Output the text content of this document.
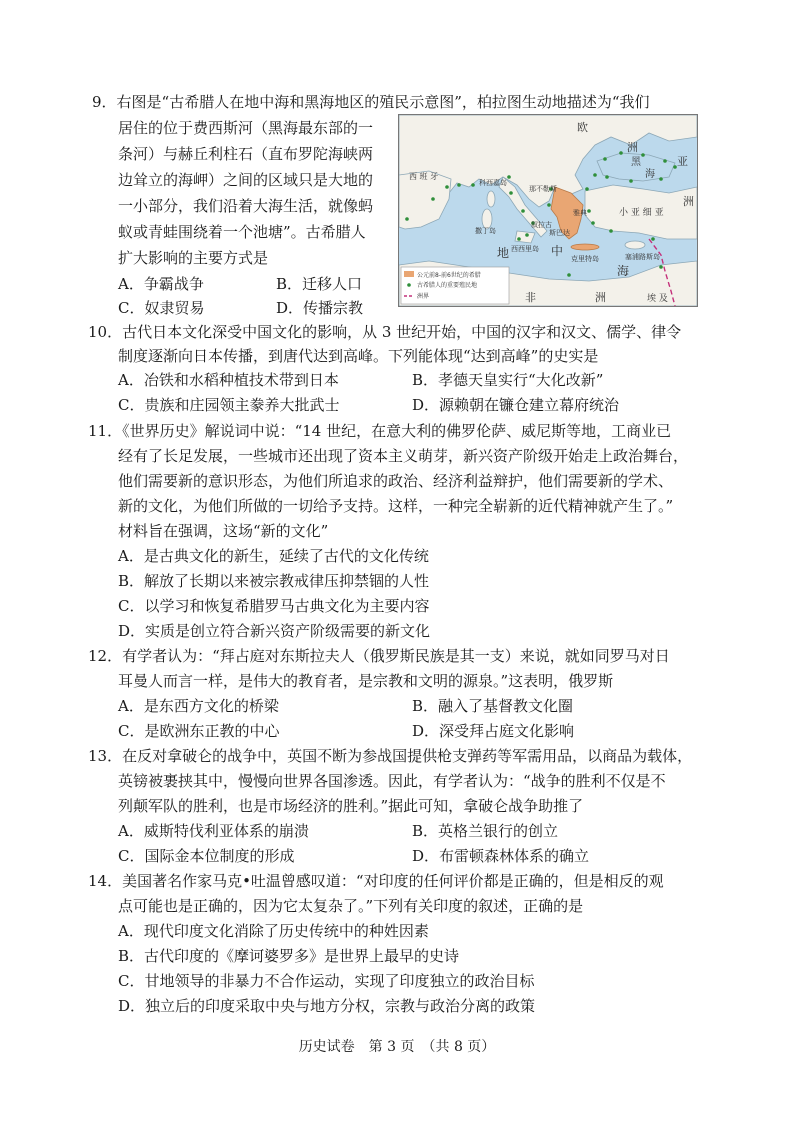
9．右图是“古希腊人在地中海和黑海地区的殖民示意图”，柏拉图生动地描述为“我们
居住的位于费西斯河（黑海最东部的一
条河）与赫丘利柱石（直布罗陀海峡两
边耸立的海岬）之间的区域只是大地的
一小部分，我们沿着大海生活，就像蚂
蚁或青蛙围绕着一个池塘”。古希腊人
扩大影响的主要方式是
A．争霸战争	B．迁移人口
C．奴隶贸易	D．传播宗教
欧
洲
亚
洲
非	洲
西 班 牙
科西嘉岛
那不勒斯
撒丁岛
西西里岛
叙拉古
斯巴达
雅典
克里特岛
小 亚 细 亚
塞浦路斯岛
地	中
海
埃 及
黑
海
公元前8-前6世纪的希腊
古希腊人的重要殖民地
洲界
10．古代日本文化深受中国文化的影响，从 3 世纪开始，中国的汉字和汉文、儒学、律令
制度逐渐向日本传播，到唐代达到高峰。下列能体现“达到高峰”的史实是
A．冶铁和水稻种植技术带到日本	B．孝德天皇实行“大化改新”
C．贵族和庄园领主豢养大批武士	D．源赖朝在镰仓建立幕府统治
11．《世界历史》解说词中说：“14 世纪，在意大利的佛罗伦萨、威尼斯等地，工商业已
经有了长足发展，一些城市还出现了资本主义萌芽，新兴资产阶级开始走上政治舞台，
他们需要新的意识形态，为他们所追求的政治、经济利益辩护，他们需要新的学术、
新的文化，为他们所做的一切给予支持。这样，一种完全崭新的近代精神就产生了。”
材料旨在强调，这场“新的文化”
A．是古典文化的新生，延续了古代的文化传统
B．解放了长期以来被宗教戒律压抑禁锢的人性
C．以学习和恢复希腊罗马古典文化为主要内容
D．实质是创立符合新兴资产阶级需要的新文化
12．有学者认为：“拜占庭对东斯拉夫人（俄罗斯民族是其一支）来说，就如同罗马对日
耳曼人而言一样，是伟大的教育者，是宗教和文明的源泉。”这表明，俄罗斯
A．是东西方文化的桥梁	B．融入了基督教文化圈
C．是欧洲东正教的中心	D．深受拜占庭文化影响
13．在反对拿破仑的战争中，英国不断为参战国提供枪支弹药等军需用品，以商品为载体，
英镑被裹挟其中，慢慢向世界各国渗透。因此，有学者认为：“战争的胜利不仅是不
列颠军队的胜利，也是市场经济的胜利。”据此可知，拿破仑战争助推了
A．威斯特伐利亚体系的崩溃	B．英格兰银行的创立
C．国际金本位制度的形成	D．布雷顿森林体系的确立
14．美国著名作家马克•吐温曾感叹道：“对印度的任何评价都是正确的，但是相反的观
点可能也是正确的，因为它太复杂了。”下列有关印度的叙述，正确的是
A．现代印度文化消除了历史传统中的种姓因素
B．古代印度的《摩诃婆罗多》是世界上最早的史诗
C．甘地领导的非暴力不合作运动，实现了印度独立的政治目标
D．独立后的印度采取中央与地方分权，宗教与政治分离的政策
历史试卷　第 3 页　（共 8 页）
